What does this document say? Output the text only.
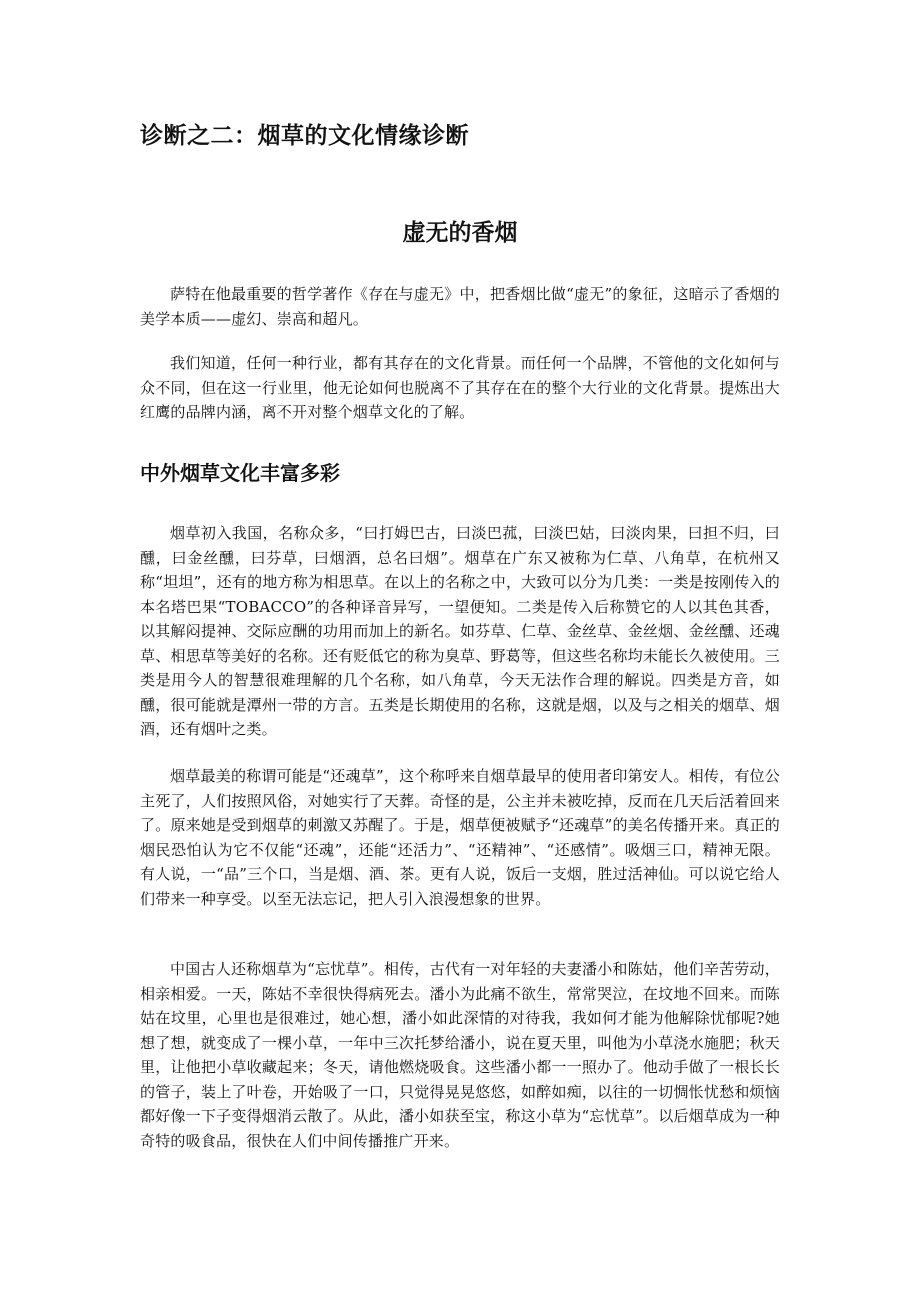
诊断之二：烟草的文化情缘诊断
虚无的香烟

萨特在他最重要的哲学著作《存在与虚无》中，把香烟比做“虚无”的象征，这暗示了香烟的美学本质——虚幻、崇高和超凡。

我们知道，任何一种行业，都有其存在的文化背景。而任何一个品牌，不管他的文化如何与众不同，但在这一行业里，他无论如何也脱离不了其存在在的整个大行业的文化背景。提炼出大红鹰的品牌内涵，离不开对整个烟草文化的了解。

中外烟草文化丰富多彩

烟草初入我国，名称众多，“曰打姆巴古，曰淡巴菰，曰淡巴姑，曰淡肉果，曰担不归，曰醺，曰金丝醺，曰芬草，曰烟酒，总名曰烟”。烟草在广东又被称为仁草、八角草，在杭州又称“坦坦”，还有的地方称为相思草。在以上的名称之中，大致可以分为几类：一类是按刚传入的本名塔巴果“TOBACCO”的各种译音异写，一望便知。二类是传入后称赞它的人以其色其香，以其解闷提神、交际应酬的功用而加上的新名。如芬草、仁草、金丝草、金丝烟、金丝醺、还魂草、相思草等美好的名称。还有贬低它的称为臭草、野葛等，但这些名称均未能长久被使用。三类是用今人的智慧很难理解的几个名称，如八角草，今天无法作合理的解说。四类是方音，如醺，很可能就是潭州一带的方言。五类是长期使用的名称，这就是烟，以及与之相关的烟草、烟酒，还有烟叶之类。

烟草最美的称谓可能是“还魂草”，这个称呼来自烟草最早的使用者印第安人。相传，有位公主死了，人们按照风俗，对她实行了天葬。奇怪的是，公主并未被吃掉，反而在几天后活着回来了。原来她是受到烟草的刺激又苏醒了。于是，烟草便被赋予“还魂草”的美名传播开来。真正的烟民恐怕认为它不仅能“还魂”，还能“还活力”、“还精神”、“还感情”。吸烟三口，精神无限。有人说，一“品”三个口，当是烟、酒、茶。更有人说，饭后一支烟，胜过活神仙。可以说它给人们带来一种享受。以至无法忘记，把人引入浪漫想象的世界。

中国古人还称烟草为“忘忧草”。相传，古代有一对年轻的夫妻潘小和陈姑，他们辛苦劳动，相亲相爱。一天，陈姑不幸很快得病死去。潘小为此痛不欲生，常常哭泣，在坟地不回来。而陈姑在坟里，心里也是很难过，她心想，潘小如此深情的对待我，我如何才能为他解除忧郁呢?她想了想，就变成了一棵小草，一年中三次托梦给潘小，说在夏天里，叫他为小草浇水施肥；秋天里，让他把小草收藏起来；冬天，请他燃烧吸食。这些潘小都一一照办了。他动手做了一根长长的管子，装上了叶卷，开始吸了一口，只觉得晃晃悠悠，如醉如痴，以往的一切惆怅忧愁和烦恼都好像一下子变得烟消云散了。从此，潘小如获至宝，称这小草为“忘忧草”。以后烟草成为一种奇特的吸食品，很快在人们中间传播推广开来。
